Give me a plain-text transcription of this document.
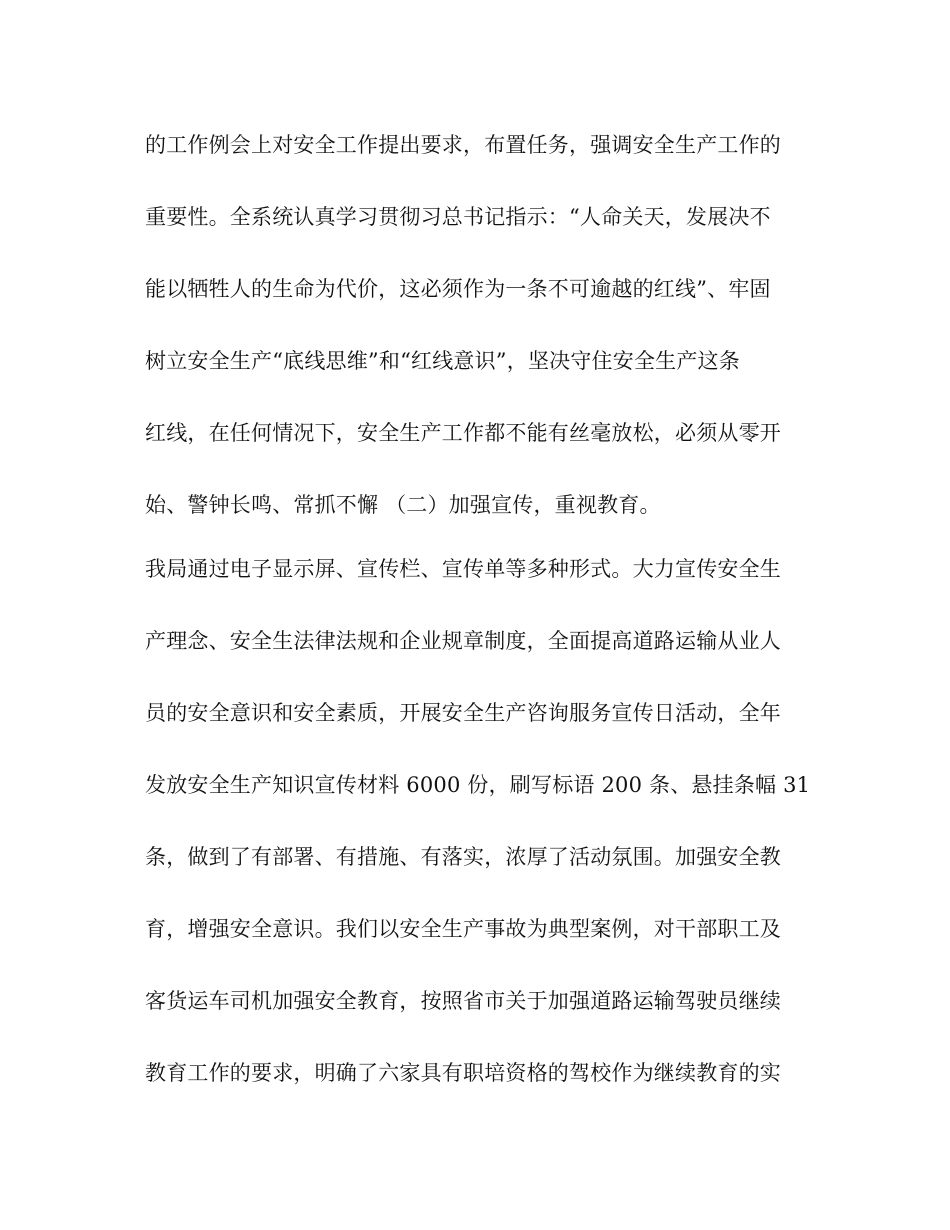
的工作例会上对安全工作提出要求，布置任务，强调安全生产工作的
重要性。全系统认真学习贯彻习总书记指示：“人命关天，发展决不
能以牺牲人的生命为代价，这必须作为一条不可逾越的红线”、牢固
树立安全生产“底线思维”和“红线意识”，坚决守住安全生产这条
红线，在任何情况下，安全生产工作都不能有丝毫放松，必须从零开
始、警钟长鸣、常抓不懈 （二）加强宣传，重视教育。
我局通过电子显示屏、宣传栏、宣传单等多种形式。大力宣传安全生
产理念、安全生法律法规和企业规章制度，全面提高道路运输从业人
员的安全意识和安全素质，开展安全生产咨询服务宣传日活动，全年
发放安全生产知识宣传材料 6000 份，刷写标语 200 条、悬挂条幅 31
条，做到了有部署、有措施、有落实，浓厚了活动氛围。加强安全教
育，增强安全意识。我们以安全生产事故为典型案例，对干部职工及
客货运车司机加强安全教育，按照省市关于加强道路运输驾驶员继续
教育工作的要求，明确了六家具有职培资格的驾校作为继续教育的实
